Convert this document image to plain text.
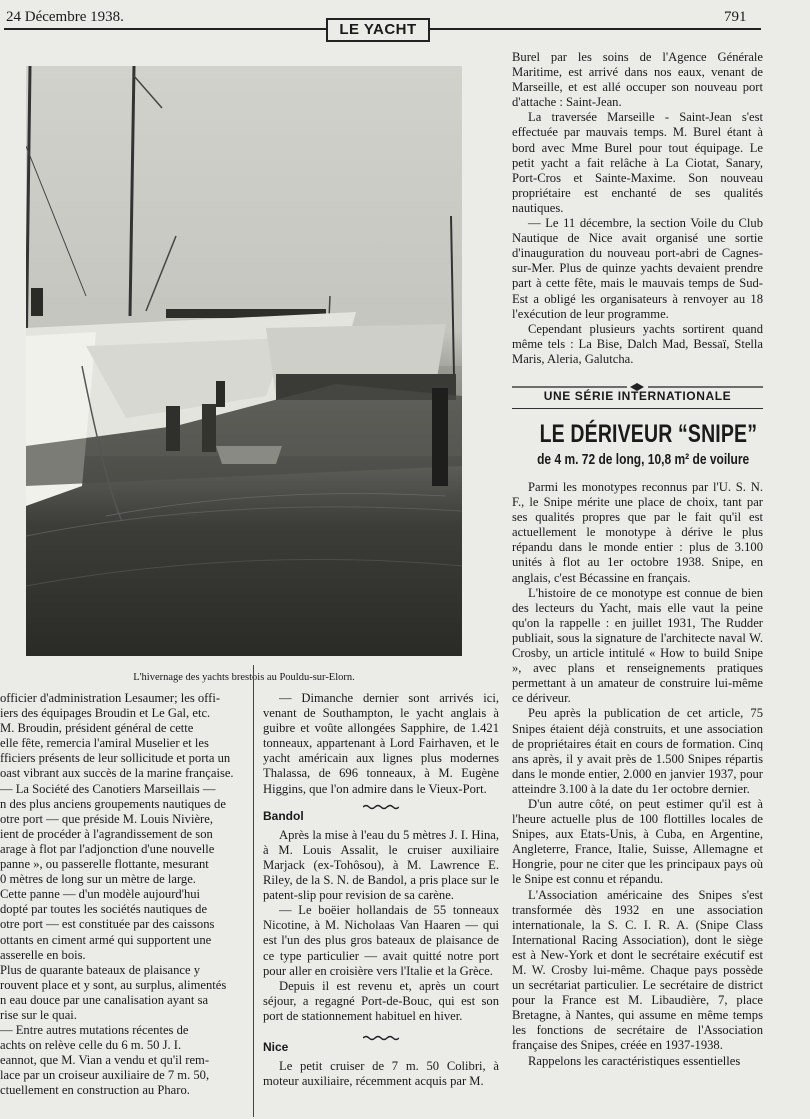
24 Décembre 1938.
LE YACHT
791
L'hivernage des yachts brestois au Pouldu-sur-Elorn.

Burel par les soins de l'Agence Générale Maritime, est arrivé dans nos eaux, venant de Marseille, et est allé occuper son nouveau port d'attache : Saint-Jean.

La traversée Marseille - Saint-Jean s'est effectuée par mauvais temps. M. Burel étant à bord avec Mme Burel pour tout équipage. Le petit yacht a fait relâche à La Ciotat, Sanary, Port-Cros et Sainte-Maxime. Son nouveau propriétaire est enchanté de ses qualités nautiques.

— Le 11 décembre, la section Voile du Club Nautique de Nice avait organisé une sortie d'inauguration du nouveau port-abri de Cagnes-sur-Mer. Plus de quinze yachts devaient prendre part à cette fête, mais le mauvais temps de Sud-Est a obligé les organisateurs à renvoyer au 18 l'exécution de leur programme.

Cependant plusieurs yachts sortirent quand même tels : La Bise, Dalch Mad, Bessaï, Stella Maris, Aleria, Galutcha.

UNE SÉRIE INTERNATIONALE
LE DÉRIVEUR “SNIPE”
de 4 m. 72 de long, 10,8 m² de voilure

Parmi les monotypes reconnus par l'U. S. N. F., le Snipe mérite une place de choix, tant par ses qualités propres que par le fait qu'il est actuellement le monotype à dérive le plus répandu dans le monde entier : plus de 3.100 unités à flot au 1er octobre 1938. Snipe, en anglais, c'est Bécassine en français.

L'histoire de ce monotype est connue de bien des lecteurs du Yacht, mais elle vaut la peine qu'on la rappelle : en juillet 1931, The Rudder publiait, sous la signature de l'architecte naval W. Crosby, un article intitulé « How to build Snipe », avec plans et renseignements pratiques permettant à un amateur de construire lui-même ce dériveur.

Peu après la publication de cet article, 75 Snipes étaient déjà construits, et une association de propriétaires était en cours de formation. Cinq ans après, il y avait près de 1.500 Snipes répartis dans le monde entier, 2.000 en janvier 1937, pour atteindre 3.100 à la date du 1er octobre dernier.

D'un autre côté, on peut estimer qu'il est à l'heure actuelle plus de 100 flottilles locales de Snipes, aux Etats-Unis, à Cuba, en Argentine, Angleterre, France, Italie, Suisse, Allemagne et Hongrie, pour ne citer que les principaux pays où le Snipe est connu et répandu.

L'Association américaine des Snipes s'est transformée dès 1932 en une association internationale, la S. C. I. R. A. (Snipe Class International Racing Association), dont le siège est à New-York et dont le secrétaire exécutif est M. W. Crosby lui-même. Chaque pays possède un secrétariat particulier. Le secrétaire de district pour la France est M. Libaudière, 7, place Bretagne, à Nantes, qui assume en même temps les fonctions de secrétaire de l'Association française des Snipes, créée en 1937-1938.

Rappelons les caractéristiques essentielles

officier d'administration Lesaumer; les offi-

iers des équipages Broudin et Le Gal, etc.

M. Broudin, président général de cette

elle fête, remercia l'amiral Muselier et les

fficiers présents de leur sollicitude et porta un

oast vibrant aux succès de la marine française.

— La Société des Canotiers Marseillais —

n des plus anciens groupements nautiques de

otre port — que préside M. Louis Nivière,

ient de procéder à l'agrandissement de son

arage à flot par l'adjonction d'une nouvelle

panne », ou passerelle flottante, mesurant

0 mètres de long sur un mètre de large.

Cette panne — d'un modèle aujourd'hui

dopté par toutes les sociétés nautiques de

otre port — est constituée par des caissons

ottants en ciment armé qui supportent une

asserelle en bois.

Plus de quarante bateaux de plaisance y

rouvent place et y sont, au surplus, alimentés

n eau douce par une canalisation ayant sa

rise sur le quai.

— Entre autres mutations récentes de

achts on relève celle du 6 m. 50 J. I.

eannot, que M. Vian a vendu et qu'il rem-

lace par un croiseur auxiliaire de 7 m. 50,

ctuellement en construction au Pharo.

— Dimanche dernier sont arrivés ici, venant de Southampton, le yacht anglais à guibre et voûte allongées Sapphire, de 1.421 tonneaux, appartenant à Lord Fairhaven, et le yacht américain aux lignes plus modernes Thalassa, de 696 tonneaux, à M. Eugène Higgins, que l'on admire dans le Vieux-Port.

Bandol

Après la mise à l'eau du 5 mètres J. I. Hina, à M. Louis Assalit, le cruiser auxiliaire Marjack (ex-Tohôsou), à M. Lawrence E. Riley, de la S. N. de Bandol, a pris place sur le patent-slip pour revision de sa carène.

— Le boëier hollandais de 55 tonneaux Nicotine, à M. Nicholaas Van Haaren — qui est l'un des plus gros bateaux de plaisance de ce type particulier — avait quitté notre port pour aller en croisière vers l'Italie et la Grèce.

Depuis il est revenu et, après un court séjour, a regagné Port-de-Bouc, qui est son port de stationnement habituel en hiver.

Nice

Le petit cruiser de 7 m. 50 Colibri, à moteur auxiliaire, récemment acquis par M.
